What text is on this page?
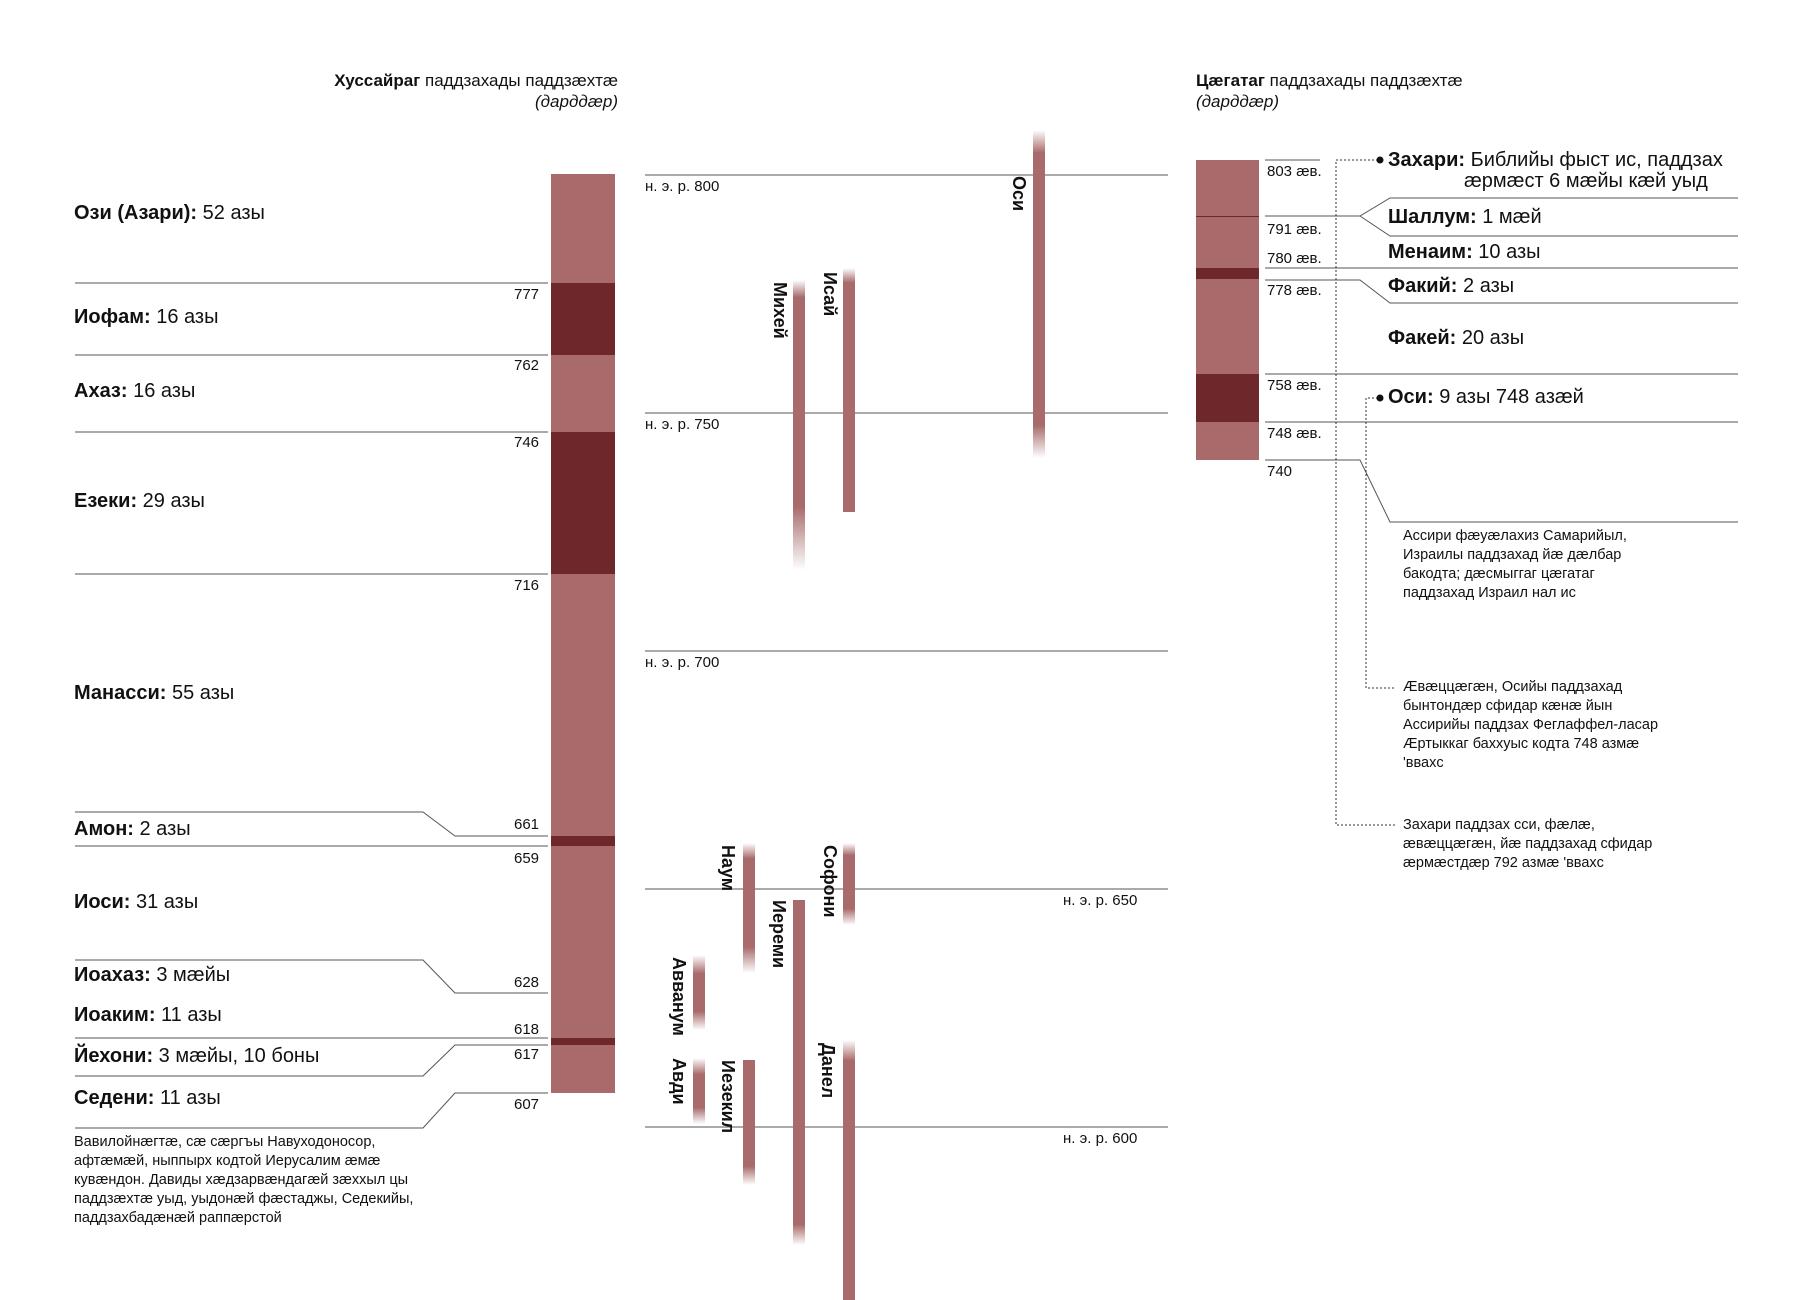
Хуссайраг паддзахады паддзæхтæ
(дарддæр)
Ози (Азари): 52 азы
Иофам: 16 азы
Ахаз: 16 азы
Езеки: 29 азы
Манасси: 55 азы
Амон: 2 азы
Иоси: 31 азы
Иоахаз: 3 мæйы
Иоаким: 11 азы
Йехони: 3 мæйы, 10 боны
Седени: 11 азы
777
762
746
716
661
659
628
618
617
607
Вавилойнæгтæ, сæ сæргъы Навуходоносор, афтæмæй, ныппырх кодтой Иерусалим æмæ кувæндон. Давиды хæдзарвæндагæй зæххыл цы паддзæхтæ уыд, уыдонæй фæстаджы, Седекийы, паддзахбадæнæй раппæрстой
н. э. р. 800
н. э. р. 750
н. э. р. 700
н. э. р. 650
н. э. р. 600
Оси
Михей Исай
Наум	Софони
Иереми
Авванум
Авди Иезекил	Данел
Цæгатаг паддзахады паддзæхтæ
(дарддæр)
803 æв.
791 æв.
780 æв.
778 æв.
758 æв.
748 æв.
740
Захари: Библийы фыст ис, паддзах
æрмæст 6 мæйы кæй уыд
Шаллум: 1 мæй
Менаим: 10 азы
Факий: 2 азы
Факей: 20 азы
Оси: 9 азы 748 азæй
Ассири фæуæлахиз Самарийыл, Израилы паддзахад йæ дæлбар бакодта; дæсмыггаг цæгатаг паддзахад Израил нал ис
Æвæццæгæн, Осийы паддзахад бынтондæр сфидар кæнæ йын Ассирийы паддзах Феглаффел-ласар Æртыккаг баххуыс кодта 748 азмæ 'вваxс
Захари паддзах сси, фæлæ, æвæццæгæн, йæ паддзахад сфидар æрмæстдæр 792 азмæ 'вваxс
